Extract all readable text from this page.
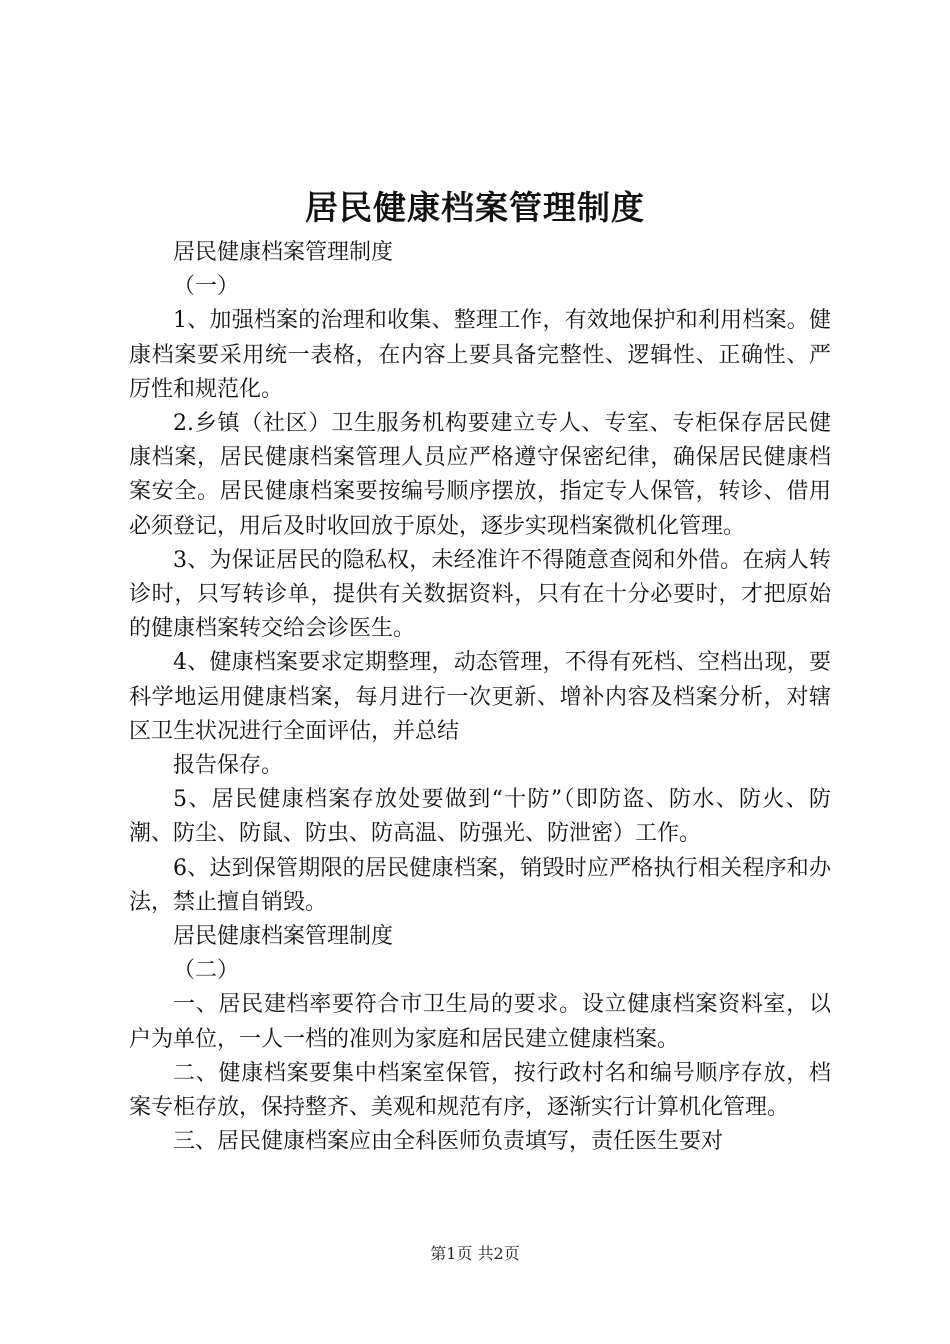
居民健康档案管理制度

居民健康档案管理制度

（一）

1、加强档案的治理和收集、整理工作，有效地保护和利用档案。健康档案要采用统一表格，在内容上要具备完整性、逻辑性、正确性、严厉性和规范化。

2.乡镇（社区）卫生服务机构要建立专人、专室、专柜保存居民健康档案，居民健康档案管理人员应严格遵守保密纪律，确保居民健康档案安全。居民健康档案要按编号顺序摆放，指定专人保管，转诊、借用必须登记，用后及时收回放于原处，逐步实现档案微机化管理。

3、为保证居民的隐私权，未经准许不得随意查阅和外借。在病人转诊时，只写转诊单，提供有关数据资料，只有在十分必要时，才把原始的健康档案转交给会诊医生。

4、健康档案要求定期整理，动态管理，不得有死档、空档出现，要科学地运用健康档案，每月进行一次更新、增补内容及档案分析，对辖区卫生状况进行全面评估，并总结

报告保存。

5、居民健康档案存放处要做到“十防”（即防盗、防水、防火、防潮、防尘、防鼠、防虫、防高温、防强光、防泄密）工作。

6、达到保管期限的居民健康档案，销毁时应严格执行相关程序和办法，禁止擅自销毁。

居民健康档案管理制度

（二）

一、居民建档率要符合市卫生局的要求。设立健康档案资料室，以户为单位，一人一档的准则为家庭和居民建立健康档案。

二、健康档案要集中档案室保管，按行政村名和编号顺序存放，档案专柜存放，保持整齐、美观和规范有序，逐渐实行计算机化管理。

三、居民健康档案应由全科医师负责填写，责任医生要对

第1页 共2页
